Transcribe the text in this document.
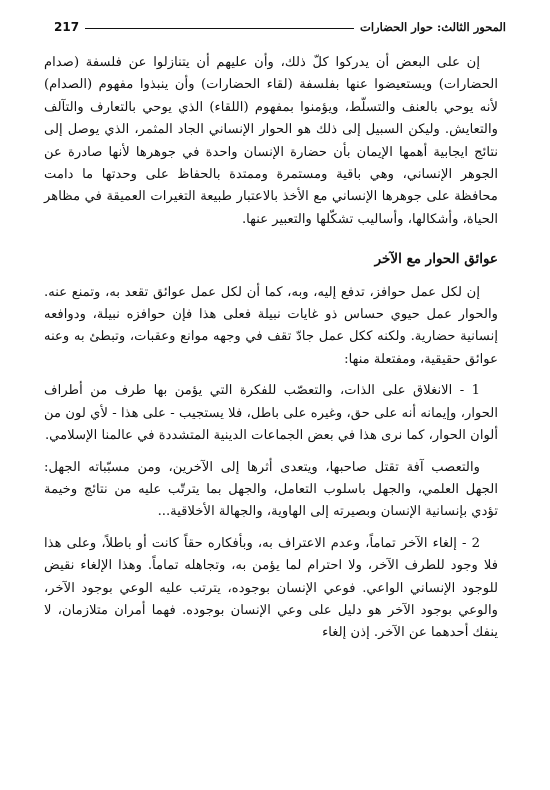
المحور الثالث: حوار الحضارات
217

إن على البعض أن يدركوا كلّ ذلك، وأن عليهم أن يتنازلوا عن فلسفة (صدام الحضارات) ويستعيضوا عنها بفلسفة (لقاء الحضارات) وأن ينبذوا مفهوم (الصدام) لأنه يوحي بالعنف والتسلّط، ويؤمنوا بمفهوم (اللقاء) الذي يوحي بالتعارف والتآلف والتعايش. وليكن السبيل إلى ذلك هو الحوار الإنساني الجاد المثمر، الذي يوصل إلى نتائج ايجابية أهمها الإيمان بأن حضارة الإنسان واحدة في جوهرها لأنها صادرة عن الجوهر الإنساني، وهي باقية ومستمرة وممتدة بالحفاظ على وحدتها ما دامت محافظة على جوهرها الإنساني مع الأخذ بالاعتبار طبيعة التغيرات العميقة في مظاهر الحياة، وأشكالها، وأساليب تشكّلها والتعبير عنها.

عوائق الحوار مع الآخر

إن لكل عمل حوافز، تدفع إليه، وبه، كما أن لكل عمل عوائق تقعد به، وتمنع عنه. والحوار عمل حيوي حساس ذو غايات نبيلة فعلى هذا فإن حوافزه نبيلة، ودوافعه إنسانية حضارية. ولكنه ككل عمل جادّ تقف في وجهه موانع وعقبات، وتبطئ به وعنه عوائق حقيقية، ومفتعلة منها:

1 - الانغلاق على الذات، والتعصّب للفكرة التي يؤمن بها طرف من أطراف الحوار، وإيمانه أنه على حق، وغيره على باطل، فلا يستجيب - على هذا - لأي لون من ألوان الحوار، كما نرى هذا في بعض الجماعات الدينية المتشددة في عالمنا الإسلامي.

والتعصب آفة تقتل صاحبها، ويتعدى أثرها إلى الآخرين، ومن مسبّباته الجهل: الجهل العلمي، والجهل باسلوب التعامل، والجهل بما يترتّب عليه من نتائج وخيمة تؤدي بإنسانية الإنسان وبصيرته إلى الهاوية، والجهالة الأخلاقية...

2 - إلغاء الآخر تماماً، وعدم الاعتراف به، وبأفكاره حقاً كانت أو باطلاً، وعلى هذا فلا وجود للطرف الآخر، ولا احترام لما يؤمن به، وتجاهله تماماً. وهذا الإلغاء نقيض للوجود الإنساني الواعي. فوعي الإنسان بوجوده، يترتب عليه الوعي بوجود الآخر، والوعي بوجود الآخر هو دليل على وعي الإنسان بوجوده. فهما أمران متلازمان، لا ينفك أحدهما عن الآخر. إذن إلغاء
